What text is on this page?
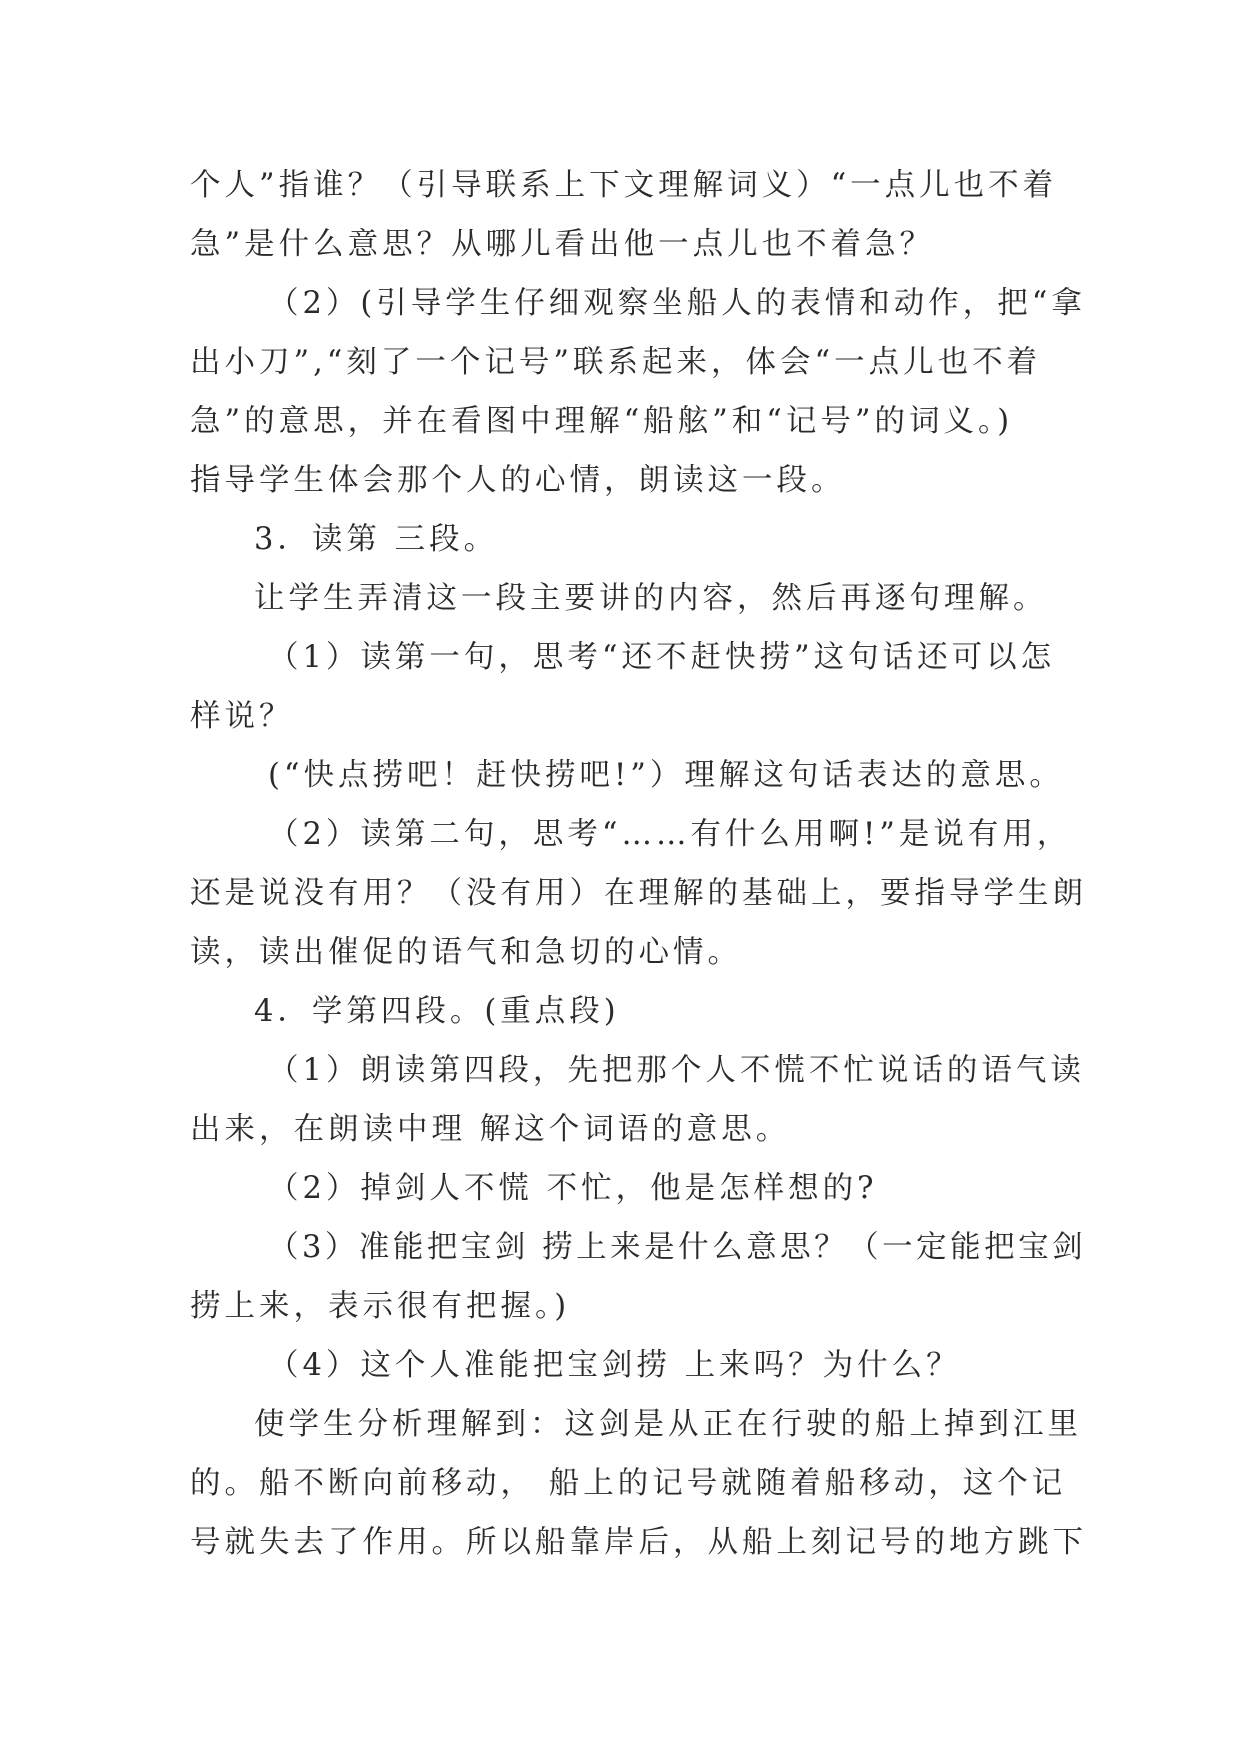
个人”指谁？（引导联系上下文理解词义）“一点儿也不着

急”是什么意思？从哪儿看出他一点儿也不着急？

（2）(引导学生仔细观察坐船人的表情和动作，把“拿

出小刀”,“刻了一个记号”联系起来，体会“一点儿也不着

急”的意思，并在看图中理解“船舷”和“记号”的词义。)

指导学生体会那个人的心情，朗读这一段。

3．读第 三段。

让学生弄清这一段主要讲的内容，然后再逐句理解。

（1）读第一句，思考“还不赶快捞”这句话还可以怎

样说？

(“快点捞吧！赶快捞吧!”）理解这句话表达的意思。

（2）读第二句，思考“……有什么用啊!”是说有用，

还是说没有用？（没有用）在理解的基础上，要指导学生朗

读，读出催促的语气和急切的心情。

4．学第四段。(重点段)

（1）朗读第四段，先把那个人不慌不忙说话的语气读

出来，在朗读中理 解这个词语的意思。

（2）掉剑人不慌 不忙，他是怎样想的?

（3）准能把宝剑 捞上来是什么意思？（一定能把宝剑

捞上来，表示很有把握。)

（4）这个人准能把宝剑捞 上来吗？为什么？

使学生分析理解到：这剑是从正在行驶的船上掉到江里

的。船不断向前移动， 船上的记号就随着船移动，这个记

号就失去了作用。所以船靠岸后，从船上刻记号的地方跳下
